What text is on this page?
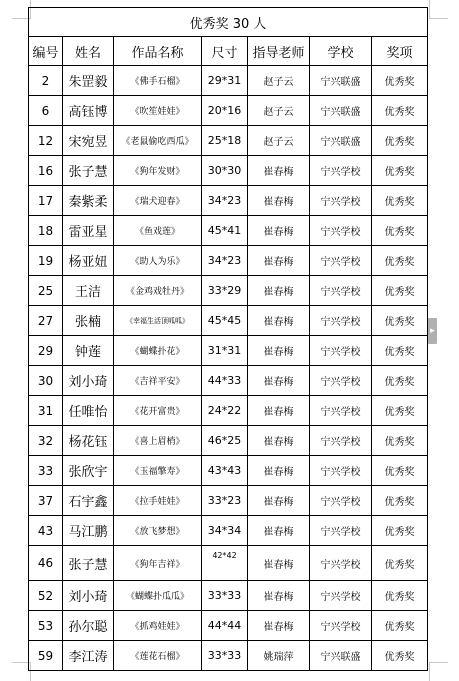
▸
优秀奖 30 人						
编号	姓名	作品名称	尺寸	指导老师	学校	奖项
2	朱罡毅	《佛手石榴》	29*31	赵子云	宁兴联盛	优秀奖
6	高钰博	《吹笙娃娃》	20*16	赵子云	宁兴联盛	优秀奖
12	宋宛昱	《老鼠偷吃西瓜》	25*18	赵子云	宁兴联盛	优秀奖
16	张子慧	《狗年发财》	30*30	崔春梅	宁兴学校	优秀奖
17	秦紫柔	《瑞犬迎春》	34*23	崔春梅	宁兴学校	优秀奖
18	雷亚星	《鱼戏莲》	45*41	崔春梅	宁兴学校	优秀奖
19	杨亚妞	《助人为乐》	34*23	崔春梅	宁兴学校	优秀奖
25	王洁	《金鸡戏牡丹》	33*29	崔春梅	宁兴学校	优秀奖
27	张楠	《幸福生活顶呱呱》	45*45	崔春梅	宁兴学校	优秀奖
29	钟莲	《蝴蝶扑花》	31*31	崔春梅	宁兴学校	优秀奖
30	刘小琦	《吉祥平安》	44*33	崔春梅	宁兴学校	优秀奖
31	任唯怡	《花开富贵》	24*22	崔春梅	宁兴学校	优秀奖
32	杨花钰	《喜上眉梢》	46*25	崔春梅	宁兴学校	优秀奖
33	张欣宇	《玉福擎寿》	43*43	崔春梅	宁兴学校	优秀奖
37	石宇鑫	《拉手娃娃》	33*23	崔春梅	宁兴学校	优秀奖
43	马江鹏	《放飞梦想》	34*34	崔春梅	宁兴学校	优秀奖
46	张子慧	《狗年吉祥》	42*42	崔春梅	宁兴学校	优秀奖
52	刘小琦	《蝴蝶扑瓜瓜》	33*33	崔春梅	宁兴学校	优秀奖
53	孙尔聪	《抓鸡娃娃》	44*44	崔春梅	宁兴学校	优秀奖
59	李江涛	《莲花石榴》	33*33	姚瑞萍	宁兴联盛	优秀奖
